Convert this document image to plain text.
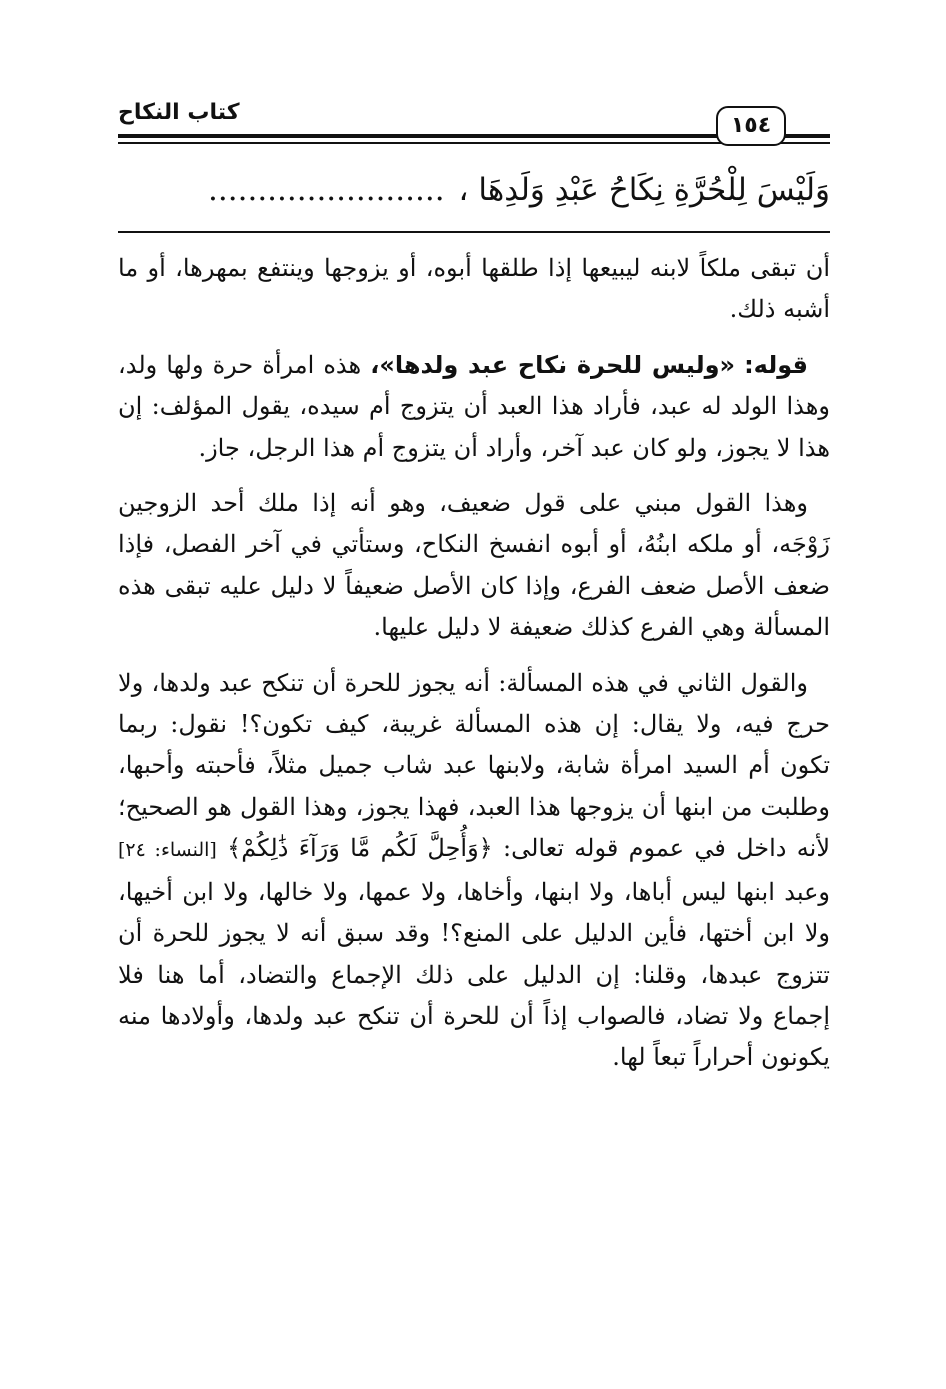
كتاب النكاح
١٥٤
وَلَيْسَ لِلْحُرَّةِ نِكَاحُ عَبْدِ وَلَدِهَا ،........................

أن تبقى ملكاً لابنه ليبيعها إذا طلقها أبوه، أو يزوجها وينتفع بمهرها، أو ما أشبه ذلك.

قوله: «وليس للحرة نكاح عبد ولدها»، هذه امرأة حرة ولها ولد، وهذا الولد له عبد، فأراد هذا العبد أن يتزوج أم سيده، يقول المؤلف: إن هذا لا يجوز، ولو كان عبد آخر، وأراد أن يتزوج أم هذا الرجل، جاز.

وهذا القول مبني على قول ضعيف، وهو أنه إذا ملك أحد الزوجين زَوْجَه، أو ملكه ابنُهُ، أو أبوه انفسخ النكاح، وستأتي في آخر الفصل، فإذا ضعف الأصل ضعف الفرع، وإذا كان الأصل ضعيفاً لا دليل عليه تبقى هذه المسألة وهي الفرع كذلك ضعيفة لا دليل عليها.

والقول الثاني في هذه المسألة: أنه يجوز للحرة أن تنكح عبد ولدها، ولا حرج فيه، ولا يقال: إن هذه المسألة غريبة، كيف تكون؟! نقول: ربما تكون أم السيد امرأة شابة، ولابنها عبد شاب جميل مثلاً، فأحبته وأحبها، وطلبت من ابنها أن يزوجها هذا العبد، فهذا يجوز، وهذا القول هو الصحيح؛ لأنه داخل في عموم قوله تعالى: ﴿وَأُحِلَّ لَكُم مَّا وَرَآءَ ذَٰلِكُمْ﴾ [النساء: ٢٤] وعبد ابنها ليس أباها، ولا ابنها، وأخاها، ولا عمها، ولا خالها، ولا ابن أخيها، ولا ابن أختها، فأين الدليل على المنع؟! وقد سبق أنه لا يجوز للحرة أن تتزوج عبدها، وقلنا: إن الدليل على ذلك الإجماع والتضاد، أما هنا فلا إجماع ولا تضاد، فالصواب إذاً أن للحرة أن تنكح عبد ولدها، وأولادها منه يكونون أحراراً تبعاً لها.
